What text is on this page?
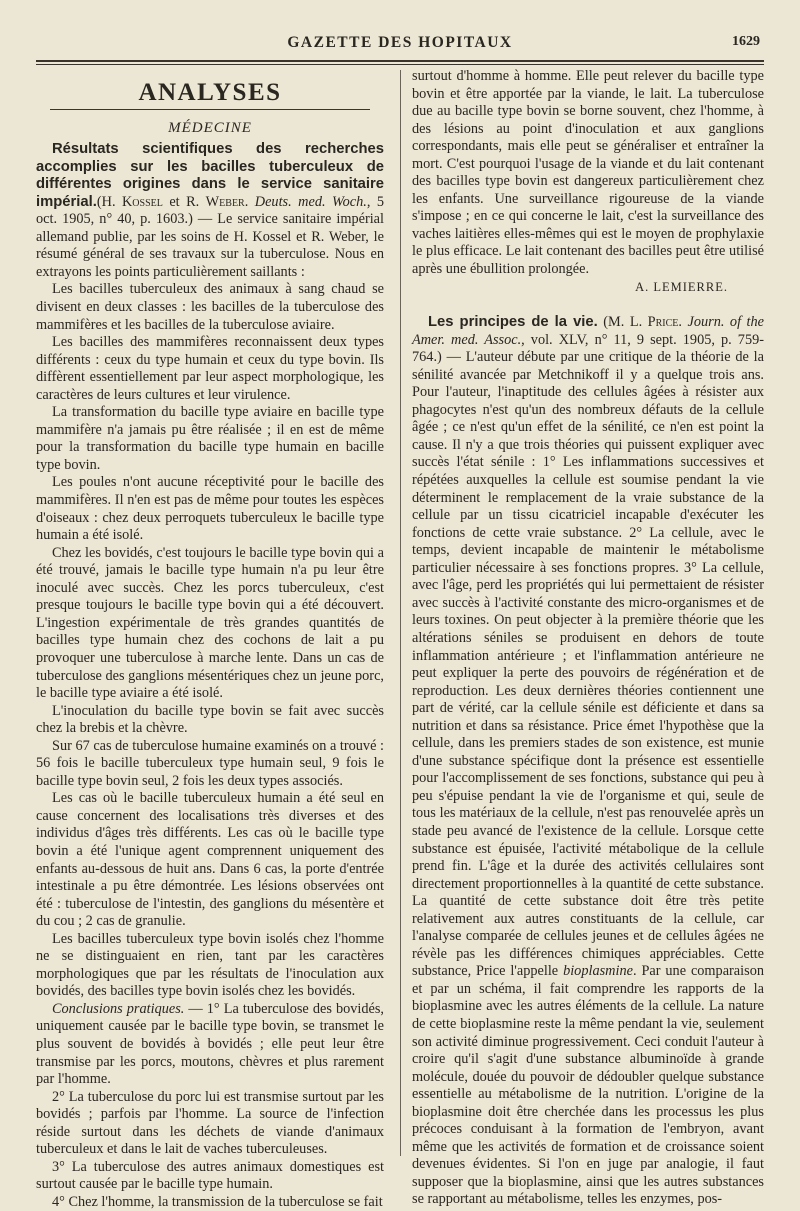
GAZETTE DES HOPITAUX	1629
ANALYSES
MÉDECINE

Résultats scientifiques des recherches accomplies sur les bacilles tuberculeux de différentes origines dans le service sanitaire impérial.(H. Kossel et R. Weber. Deuts. med. Woch., 5 oct. 1905, n° 40, p. 1603.) — Le service sanitaire impérial allemand publie, par les soins de H. Kossel et R. Weber, le résumé général de ses travaux sur la tuberculose. Nous en extrayons les points particulièrement saillants :

Les bacilles tuberculeux des animaux à sang chaud se divisent en deux classes : les bacilles de la tuberculose des mammifères et les bacilles de la tuberculose aviaire.

Les bacilles des mammifères reconnaissent deux types différents : ceux du type humain et ceux du type bovin. Ils diffèrent essentiellement par leur aspect morphologique, les caractères de leurs cultures et leur virulence.

La transformation du bacille type aviaire en bacille type mammifère n'a jamais pu être réalisée ; il en est de même pour la transformation du bacille type humain en bacille type bovin.

Les poules n'ont aucune réceptivité pour le bacille des mammifères. Il n'en est pas de même pour toutes les espèces d'oiseaux : chez deux perroquets tuberculeux le bacille type humain a été isolé.

Chez les bovidés, c'est toujours le bacille type bovin qui a été trouvé, jamais le bacille type humain n'a pu leur être inoculé avec succès. Chez les porcs tuberculeux, c'est presque toujours le bacille type bovin qui a été découvert. L'ingestion expérimentale de très grandes quantités de bacilles type humain chez des cochons de lait a pu provoquer une tuberculose à marche lente. Dans un cas de tuberculose des ganglions mésentériques chez un jeune porc, le bacille type aviaire a été isolé.

L'inoculation du bacille type bovin se fait avec succès chez la brebis et la chèvre.

Sur 67 cas de tuberculose humaine examinés on a trouvé : 56 fois le bacille tuberculeux type humain seul, 9 fois le bacille type bovin seul, 2 fois les deux types associés.

Les cas où le bacille tuberculeux humain a été seul en cause concernent des localisations très diverses et des individus d'âges très différents. Les cas où le bacille type bovin a été l'unique agent comprennent uniquement des enfants au-dessous de huit ans. Dans 6 cas, la porte d'entrée intestinale a pu être démontrée. Les lésions observées ont été : tuberculose de l'intestin, des ganglions du mésentère et du cou ; 2 cas de granulie.

Les bacilles tuberculeux type bovin isolés chez l'homme ne se distinguaient en rien, tant par les caractères morphologiques que par les résultats de l'inoculation aux bovidés, des bacilles type bovin isolés chez les bovidés.

Conclusions pratiques. — 1° La tuberculose des bovidés, uniquement causée par le bacille type bovin, se transmet le plus souvent de bovidés à bovidés ; elle peut leur être transmise par les porcs, moutons, chèvres et plus rarement par l'homme.

2° La tuberculose du porc lui est transmise surtout par les bovidés ; parfois par l'homme. La source de l'infection réside surtout dans les déchets de viande d'animaux tuberculeux et dans le lait de vaches tuberculeuses.

3° La tuberculose des autres animaux domestiques est surtout causée par le bacille type humain.

4° Chez l'homme, la transmission de la tuberculose se fait

surtout d'homme à homme. Elle peut relever du bacille type bovin et être apportée par la viande, le lait. La tuberculose due au bacille type bovin se borne souvent, chez l'homme, à des lésions au point d'inoculation et aux ganglions correspondants, mais elle peut se généraliser et entraîner la mort. C'est pourquoi l'usage de la viande et du lait contenant des bacilles type bovin est dangereux particulièrement chez les enfants. Une surveillance rigoureuse de la viande s'impose ; en ce qui concerne le lait, c'est la surveillance des vaches laitières elles-mêmes qui est le moyen de prophylaxie le plus efficace. Le lait contenant des bacilles peut être utilisé après une ébullition prolongée.

A. LEMIERRE.

Les principes de la vie. (M. L. Price. Journ. of the Amer. med. Assoc., vol. XLV, n° 11, 9 sept. 1905, p. 759-764.) — L'auteur débute par une critique de la théorie de la sénilité avancée par Metchnikoff il y a quelque trois ans. Pour l'auteur, l'inaptitude des cellules âgées à résister aux phagocytes n'est qu'un des nombreux défauts de la cellule âgée ; ce n'est qu'un effet de la sénilité, ce n'en est point la cause. Il n'y a que trois théories qui puissent expliquer avec succès l'état sénile : 1° Les inflammations successives et répétées auxquelles la cellule est soumise pendant la vie déterminent le remplacement de la vraie substance de la cellule par un tissu cicatriciel incapable d'exécuter les fonctions de cette vraie substance. 2° La cellule, avec le temps, devient incapable de maintenir le métabolisme particulier nécessaire à ses fonctions propres. 3° La cellule, avec l'âge, perd les propriétés qui lui permettaient de résister avec succès à l'activité constante des micro-organismes et de leurs toxines. On peut objecter à la première théorie que les altérations séniles se produisent en dehors de toute inflammation antérieure ; et l'inflammation antérieure ne peut expliquer la perte des pouvoirs de régénération et de reproduction. Les deux dernières théories contiennent une part de vérité, car la cellule sénile est déficiente et dans sa nutrition et dans sa résistance. Price émet l'hypothèse que la cellule, dans les premiers stades de son existence, est munie d'une substance spécifique dont la présence est essentielle pour l'accomplissement de ses fonctions, substance qui peu à peu s'épuise pendant la vie de l'organisme et qui, seule de tous les matériaux de la cellule, n'est pas renouvelée après un stade peu avancé de l'existence de la cellule. Lorsque cette substance est épuisée, l'activité métabolique de la cellule prend fin. L'âge et la durée des activités cellulaires sont directement proportionnelles à la quantité de cette substance. La quantité de cette substance doit être très petite relativement aux autres constituants de la cellule, car l'analyse comparée de cellules jeunes et de cellules âgées ne révèle pas les différences chimiques appréciables. Cette substance, Price l'appelle bioplasmine. Par une comparaison et par un schéma, il fait comprendre les rapports de la bioplasmine avec les autres éléments de la cellule. La nature de cette bioplasmine reste la même pendant la vie, seulement son activité diminue progressivement. Ceci conduit l'auteur à croire qu'il s'agit d'une substance albuminoïde à grande molécule, douée du pouvoir de dédoubler quelque substance essentielle au métabolisme de la nutrition. L'origine de la bioplasmine doit être cherchée dans les processus les plus précoces conduisant à la formation de l'embryon, avant même que les activités de formation et de croissance soient devenues évidentes. Si l'on en juge par analogie, il faut supposer que la bioplasmine, ainsi que les autres substances se rapportant au métabolisme, telles les enzymes, pos-
